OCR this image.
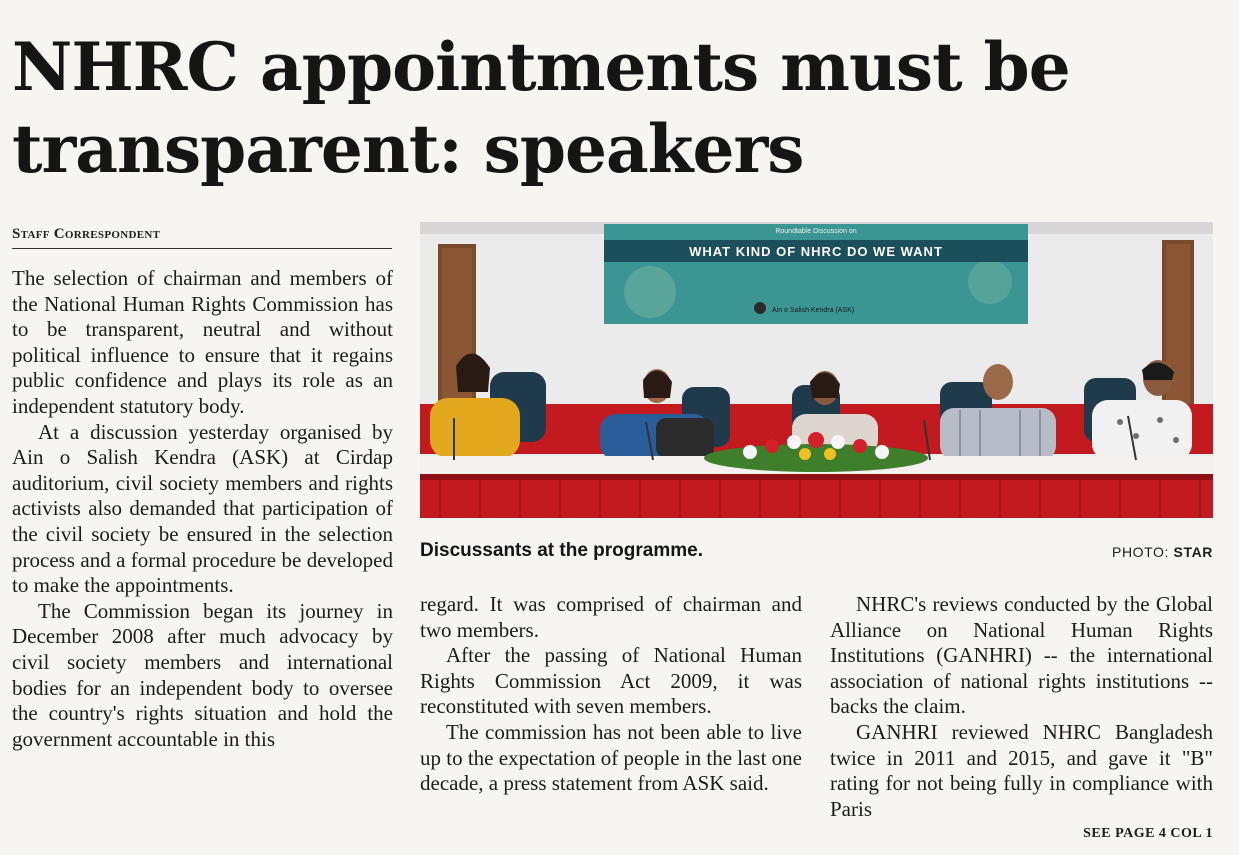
NHRC appointments must be
transparent: speakers
Staff Correspondent

The selection of chairman and members of the National Human Rights Commission has to be transparent, neutral and without political influence to ensure that it regains public confidence and plays its role as an independent statutory body.

At a discussion yesterday organised by Ain o Salish Kendra (ASK) at Cirdap auditorium, civil society members and rights activists also demanded that participation of the civil society be ensured in the selection process and a formal procedure be developed to make the appointments.

The Commission began its journey in December 2008 after much advocacy by civil society members and international bodies for an independent body to oversee the country's rights situation and hold the government accountable in this

Roundtable Discussion on
WHAT KIND OF NHRC DO WE WANT
Ain o Salish Kendra (ASK)
Discussants at the programme.	PHOTO: STAR

regard. It was comprised of chairman and two members.

After the passing of National Human Rights Commission Act 2009, it was reconstituted with seven members.

The commission has not been able to live up to the expectation of people in the last one decade, a press statement from ASK said.

NHRC's reviews conducted by the Global Alliance on National Human Rights Institutions (GANHRI) -- the international association of national rights institutions -- backs the claim.

GANHRI reviewed NHRC Bangladesh twice in 2011 and 2015, and gave it "B" rating for not being fully in compliance with Paris

SEE PAGE 4 COL 1
